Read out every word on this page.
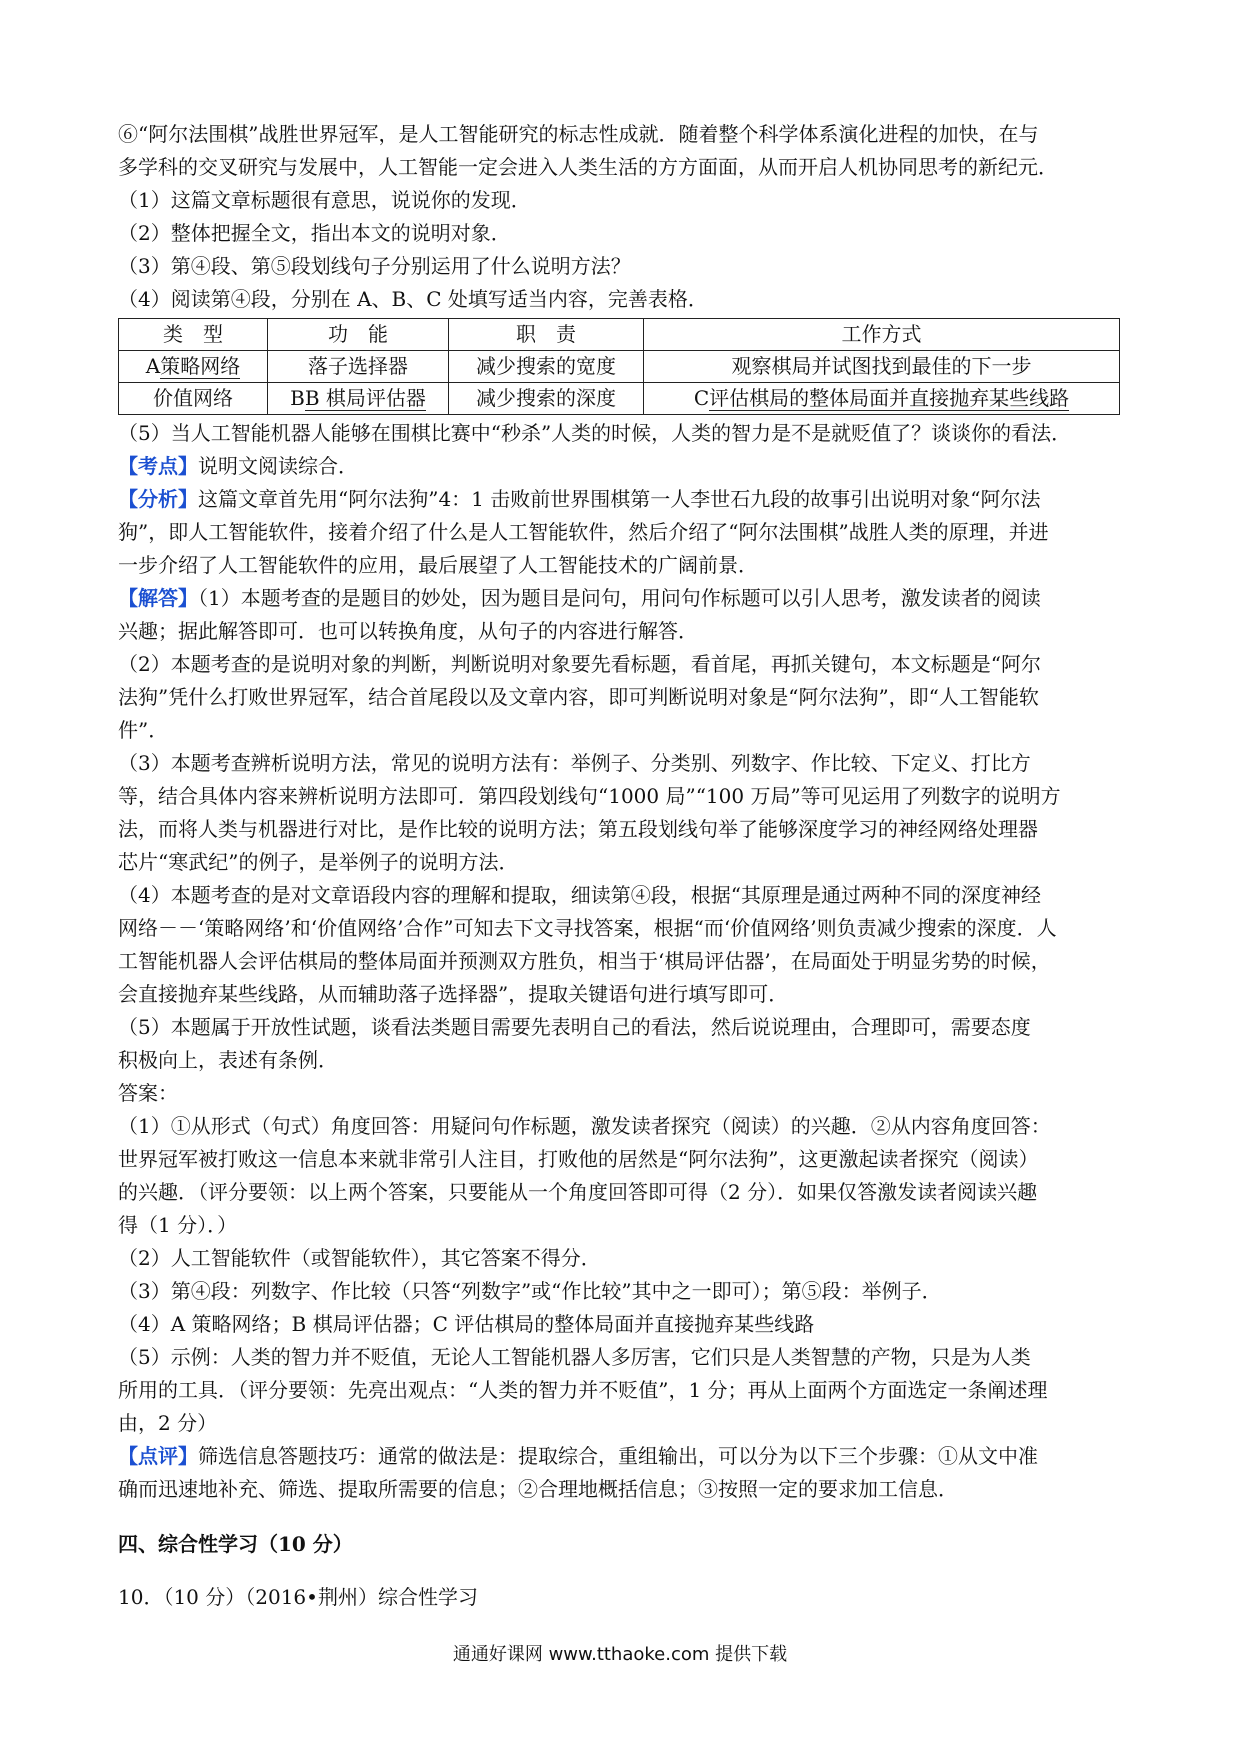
⑥“阿尔法围棋”战胜世界冠军，是人工智能研究的标志性成就．随着整个科学体系演化进程的加快，在与

多学科的交叉研究与发展中，人工智能一定会进入人类生活的方方面面，从而开启人机协同思考的新纪元．

（1）这篇文章标题很有意思，说说你的发现．

（2）整体把握全文，指出本文的说明对象．

（3）第④段、第⑤段划线句子分别运用了什么说明方法？

（4）阅读第④段，分别在 A、B、C 处填写适当内容，完善表格．

类　型	功　能	职　责	工作方式
A策略网络	落子选择器	减少搜索的宽度	观察棋局并试图找到最佳的下一步
价值网络	BB 棋局评估器	减少搜索的深度	C评估棋局的整体局面并直接抛弃某些线路

（5）当人工智能机器人能够在围棋比赛中“秒杀”人类的时候，人类的智力是不是就贬值了？谈谈你的看法．

【考点】说明文阅读综合．

【分析】这篇文章首先用“阿尔法狗”4：1 击败前世界围棋第一人李世石九段的故事引出说明对象“阿尔法

狗”，即人工智能软件，接着介绍了什么是人工智能软件，然后介绍了“阿尔法围棋”战胜人类的原理，并进

一步介绍了人工智能软件的应用，最后展望了人工智能技术的广阔前景．

【解答】（1）本题考查的是题目的妙处，因为题目是问句，用问句作标题可以引人思考，激发读者的阅读

兴趣；据此解答即可．也可以转换角度，从句子的内容进行解答．

（2）本题考查的是说明对象的判断，判断说明对象要先看标题，看首尾，再抓关键句，本文标题是“阿尔

法狗”凭什么打败世界冠军，结合首尾段以及文章内容，即可判断说明对象是“阿尔法狗”，即“人工智能软

件”．

（3）本题考查辨析说明方法，常见的说明方法有：举例子、分类别、列数字、作比较、下定义、打比方

等，结合具体内容来辨析说明方法即可．第四段划线句“1000 局”“100 万局”等可见运用了列数字的说明方

法，而将人类与机器进行对比，是作比较的说明方法；第五段划线句举了能够深度学习的神经网络处理器

芯片“寒武纪”的例子，是举例子的说明方法．

（4）本题考查的是对文章语段内容的理解和提取，细读第④段，根据“其原理是通过两种不同的深度神经

网络－－‘策略网络’和‘价值网络’合作”可知去下文寻找答案，根据“而‘价值网络’则负责减少搜索的深度．人

工智能机器人会评估棋局的整体局面并预测双方胜负，相当于‘棋局评估器’，在局面处于明显劣势的时候，

会直接抛弃某些线路，从而辅助落子选择器”，提取关键语句进行填写即可．

（5）本题属于开放性试题，谈看法类题目需要先表明自己的看法，然后说说理由，合理即可，需要态度

积极向上，表述有条例．

答案：

（1）①从形式（句式）角度回答：用疑问句作标题，激发读者探究（阅读）的兴趣．②从内容角度回答：

世界冠军被打败这一信息本来就非常引人注目，打败他的居然是“阿尔法狗”，这更激起读者探究（阅读）

的兴趣．（评分要领：以上两个答案，只要能从一个角度回答即可得（2 分）．如果仅答激发读者阅读兴趣

得（1 分）．）

（2）人工智能软件（或智能软件），其它答案不得分．

（3）第④段：列数字、作比较（只答“列数字”或“作比较”其中之一即可）；第⑤段：举例子．

（4）A 策略网络；B 棋局评估器；C 评估棋局的整体局面并直接抛弃某些线路

（5）示例：人类的智力并不贬值，无论人工智能机器人多厉害，它们只是人类智慧的产物，只是为人类

所用的工具．（评分要领：先亮出观点：“人类的智力并不贬值”，1 分；再从上面两个方面选定一条阐述理

由，2 分）

【点评】筛选信息答题技巧：通常的做法是：提取综合，重组输出，可以分为以下三个步骤：①从文中准

确而迅速地补充、筛选、提取所需要的信息；②合理地概括信息；③按照一定的要求加工信息．

四、综合性学习（10 分）

10．（10 分）（2016•荆州）综合性学习

通通好课网 www.tthaoke.com 提供下载
